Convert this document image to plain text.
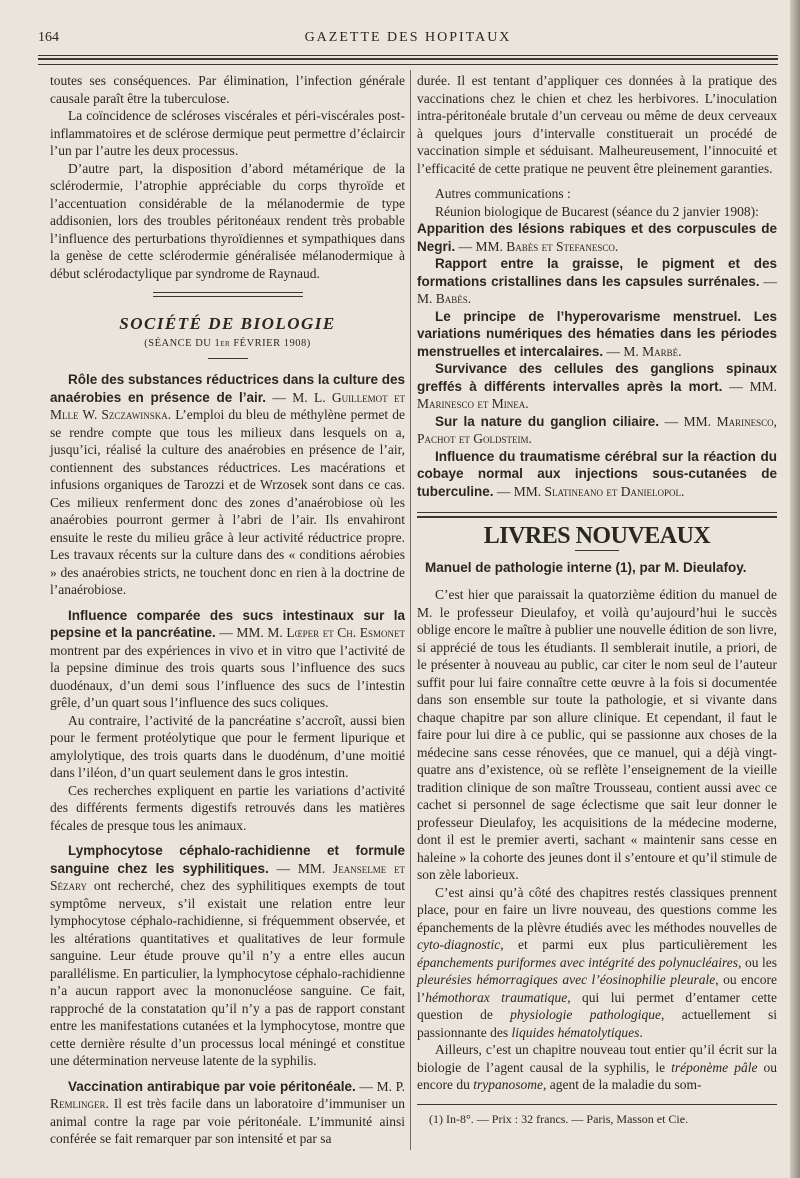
164	GAZETTE DES HOPITAUX

toutes ses conséquences. Par élimination, l’infection générale causale paraît être la tuberculose.

La coïncidence de scléroses viscérales et péri-viscérales post-inflammatoires et de sclérose dermique peut permettre d’éclaircir l’un par l’autre les deux processus.

D’autre part, la disposition d’abord métamérique de la sclérodermie, l’atrophie appréciable du corps thyroïde et l’accentuation considérable de la mélanodermie de type addisonien, lors des troubles péritonéaux rendent très probable l’influence des perturbations thyroïdiennes et sympathiques dans la genèse de cette sclérodermie généralisée mélanodermique à début sclérodactylique par syndrome de Raynaud.

SOCIÉTÉ DE BIOLOGIE
(SÉANCE DU 1er FÉVRIER 1908)

Rôle des substances réductrices dans la culture des anaérobies en présence de l’air. — M. L. Guillemot et Mlle W. Szczawinska. L’emploi du bleu de méthylène permet de se rendre compte que tous les milieux dans lesquels on a, jusqu’ici, réalisé la culture des anaérobies en présence de l’air, contiennent des substances réductrices. Les macérations et infusions organiques de Tarozzi et de Wrzosek sont dans ce cas. Ces milieux renferment donc des zones d’anaérobiose où les anaérobies pourront germer à l’abri de l’air. Ils envahiront ensuite le reste du milieu grâce à leur activité réductrice propre. Les travaux récents sur la culture dans des « conditions aérobies » des anaérobies stricts, ne touchent donc en rien à la doctrine de l’anaérobiose.

Influence comparée des sucs intestinaux sur la pepsine et la pancréatine. — MM. M. Lœper et Ch. Esmonet montrent par des expériences in vivo et in vitro que l’activité de la pepsine diminue des trois quarts sous l’influence des sucs duodénaux, d’un demi sous l’influence des sucs de l’intestin grêle, d’un quart sous l’influence des sucs coliques.

Au contraire, l’activité de la pancréatine s’accroît, aussi bien pour le ferment protéolytique que pour le ferment lipurique et amylolytique, des trois quarts dans le duodénum, d’une moitié dans l’iléon, d’un quart seulement dans le gros intestin.

Ces recherches expliquent en partie les variations d’activité des différents ferments digestifs retrouvés dans les matières fécales de presque tous les animaux.

Lymphocytose céphalo-rachidienne et formule sanguine chez les syphilitiques. — MM. Jeanselme et Sézary ont recherché, chez des syphilitiques exempts de tout symptôme nerveux, s’il existait une relation entre leur lymphocytose céphalo-rachidienne, si fréquemment observée, et les altérations quantitatives et qualitatives de leur formule sanguine. Leur étude prouve qu’il n’y a entre elles aucun parallélisme. En particulier, la lymphocytose céphalo-rachidienne n’a aucun rapport avec la mononucléose sanguine. Ce fait, rapproché de la constatation qu’il n’y a pas de rapport constant entre les manifestations cutanées et la lymphocytose, montre que cette dernière résulte d’un processus local méningé et constitue une détermination nerveuse latente de la syphilis.

Vaccination antirabique par voie péritonéale. — M. P. Remlinger. Il est très facile dans un laboratoire d’immuniser un animal contre la rage par voie péritonéale. L’immunité ainsi conférée se fait remarquer par son intensité et par sa

durée. Il est tentant d’appliquer ces données à la pratique des vaccinations chez le chien et chez les herbivores. L’inoculation intra-péritonéale brutale d’un cerveau ou même de deux cerveaux à quelques jours d’intervalle constituerait un procédé de vaccination simple et séduisant. Malheureusement, l’innocuité et l’efficacité de cette pratique ne peuvent être pleinement garanties.

Autres communications :

Réunion biologique de Bucarest (séance du 2 janvier 1908):

Apparition des lésions rabiques et des corpuscules de Negri. — MM. Babès et Stefanesco.

Rapport entre la graisse, le pigment et des formations cristallines dans les capsules surrénales. — M. Babès.

Le principe de l’hyperovarisme menstruel. Les variations numériques des hématies dans les périodes menstruelles et intercalaires. — M. Marbé.

Survivance des cellules des ganglions spinaux greffés à différents intervalles après la mort. — MM. Marinesco et Minea.

Sur la nature du ganglion ciliaire. — MM. Marinesco, Pachot et Goldsteim.

Influence du traumatisme cérébral sur la réaction du cobaye normal aux injections sous-cutanées de tuberculine. — MM. Slatineano et Danielopol.

LIVRES NOUVEAUX
Manuel de pathologie interne (1), par M. Dieulafoy.

C’est hier que paraissait la quatorzième édition du manuel de M. le professeur Dieulafoy, et voilà qu’aujourd’hui le succès oblige encore le maître à publier une nouvelle édition de son livre, si apprécié de tous les étudiants. Il semblerait inutile, a priori, de le présenter à nouveau au public, car citer le nom seul de l’auteur suffit pour lui faire connaître cette œuvre à la fois si documentée dans son ensemble sur toute la pathologie, et si vivante dans chaque chapitre par son allure clinique. Et cependant, il faut le faire pour lui dire à ce public, qui se passionne aux choses de la médecine sans cesse rénovées, que ce manuel, qui a déjà vingt-quatre ans d’existence, où se reflète l’enseignement de la vieille tradition clinique de son maître Trousseau, contient aussi avec ce cachet si personnel de sage éclectisme que sait leur donner le professeur Dieulafoy, les acquisitions de la médecine moderne, dont il est le premier averti, sachant « maintenir sans cesse en haleine » la cohorte des jeunes dont il s’entoure et qu’il stimule de son zèle laborieux.

C’est ainsi qu’à côté des chapitres restés classiques prennent place, pour en faire un livre nouveau, des questions comme les épanchements de la plèvre étudiés avec les méthodes nouvelles de cyto-diagnostic, et parmi eux plus particulièrement les épanchements puriformes avec intégrité des polynucléaires, ou les pleurésies hémorragiques avec l’éosinophilie pleurale, ou encore l’hémothorax traumatique, qui lui permet d’entamer cette question de physiologie pathologique, actuellement si passionnante des liquides hématolytiques.

Ailleurs, c’est un chapitre nouveau tout entier qu’il écrit sur la biologie de l’agent causal de la syphilis, le tréponème pâle ou encore du trypanosome, agent de la maladie du som-

(1) In-8°. — Prix : 32 francs. — Paris, Masson et Cie.
